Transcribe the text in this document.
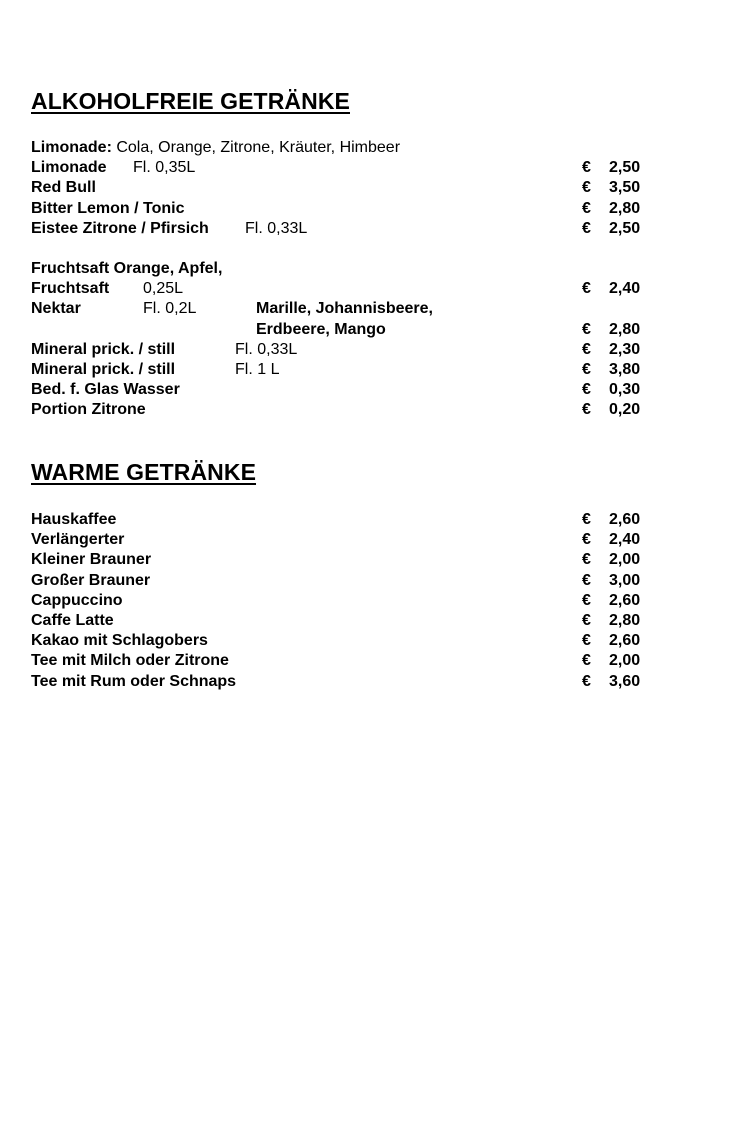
ALKOHOLFREIE GETRÄNKE
Limonade: Cola, Orange, Zitrone, Kräuter, Himbeer
Limonade Fl. 0,35L	€ 2,50
Red Bull	€ 3,50
Bitter Lemon / Tonic	€ 2,80
Eistee Zitrone / Pfirsich Fl. 0,33L	€ 2,50
Fruchtsaft Orange, Apfel,
Fruchtsaft 0,25L	€ 2,40
Nektar	Fl. 0,2L	Marille, Johannisbeere,
Erdbeere, Mango	€ 2,80
Mineral prick. / still	Fl. 0,33L	€ 2,30
Mineral prick. / still	Fl. 1 L	€ 3,80
Bed. f. Glas Wasser	€ 0,30
Portion Zitrone	€ 0,20
WARME GETRÄNKE
Hauskaffee	€ 2,60
Verlängerter	€ 2,40
Kleiner Brauner	€ 2,00
Großer Brauner	€ 3,00
Cappuccino	€ 2,60
Caffe Latte	€ 2,80
Kakao mit Schlagobers	€ 2,60
Tee mit Milch oder Zitrone	€ 2,00
Tee mit Rum oder Schnaps	€ 3,60
